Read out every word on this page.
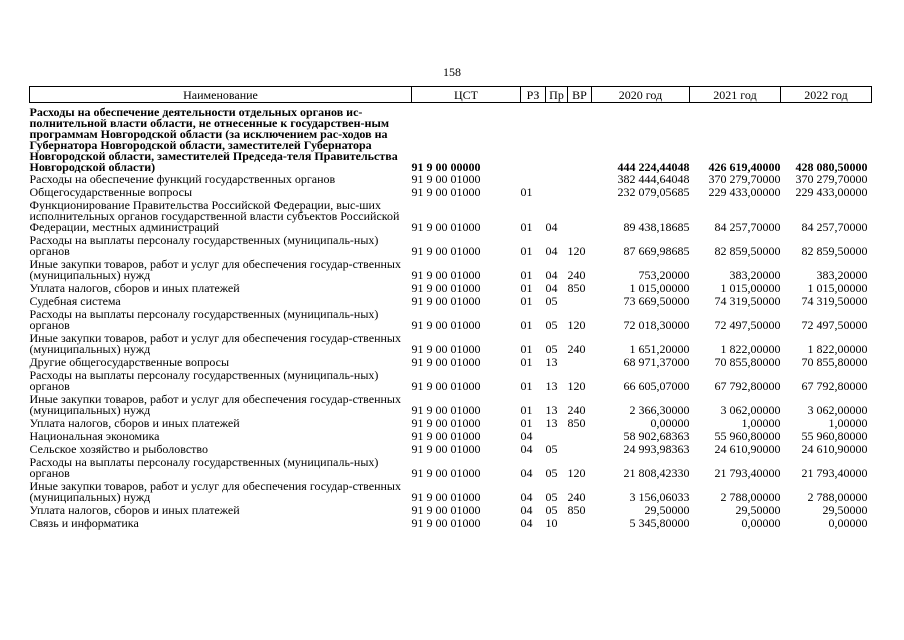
158
Наименование	ЦСТ	РЗ	Пр	ВР	2020 год	2021 год	2022 год
Расходы на обеспечение деятельности отдельных органов ис-полнительной власти области, не отнесенные к государствен-ным программам Новгородской области (за исключением рас-ходов на Губернатора Новгородской области, заместителей Губернатора Новгородской области, заместителей Председа-теля Правительства Новгородской области)	91 9 00 00000				444 224,44048	426 619,40000	428 080,50000
Расходы на обеспечение функций государственных органов	91 9 00 01000				382 444,64048	370 279,70000	370 279,70000
Общегосударственные вопросы	91 9 00 01000	01			232 079,05685	229 433,00000	229 433,00000
Функционирование Правительства Российской Федерации, выс-ших исполнительных органов государственной власти субъектов Российской Федерации, местных администраций	91 9 00 01000	01	04		89 438,18685	84 257,70000	84 257,70000
Расходы на выплаты персоналу государственных (муниципаль-ных) органов	91 9 00 01000	01	04	120	87 669,98685	82 859,50000	82 859,50000
Иные закупки товаров, работ и услуг для обеспечения государ-ственных (муниципальных) нужд	91 9 00 01000	01	04	240	753,20000	383,20000	383,20000
Уплата налогов, сборов и иных платежей	91 9 00 01000	01	04	850	1 015,00000	1 015,00000	1 015,00000
Судебная система	91 9 00 01000	01	05		73 669,50000	74 319,50000	74 319,50000
Расходы на выплаты персоналу государственных (муниципаль-ных) органов	91 9 00 01000	01	05	120	72 018,30000	72 497,50000	72 497,50000
Иные закупки товаров, работ и услуг для обеспечения государ-ственных (муниципальных) нужд	91 9 00 01000	01	05	240	1 651,20000	1 822,00000	1 822,00000
Другие общегосударственные вопросы	91 9 00 01000	01	13		68 971,37000	70 855,80000	70 855,80000
Расходы на выплаты персоналу государственных (муниципаль-ных) органов	91 9 00 01000	01	13	120	66 605,07000	67 792,80000	67 792,80000
Иные закупки товаров, работ и услуг для обеспечения государ-ственных (муниципальных) нужд	91 9 00 01000	01	13	240	2 366,30000	3 062,00000	3 062,00000
Уплата налогов, сборов и иных платежей	91 9 00 01000	01	13	850	0,00000	1,00000	1,00000
Национальная экономика	91 9 00 01000	04			58 902,68363	55 960,80000	55 960,80000
Сельское хозяйство и рыболовство	91 9 00 01000	04	05		24 993,98363	24 610,90000	24 610,90000
Расходы на выплаты персоналу государственных (муниципаль-ных) органов	91 9 00 01000	04	05	120	21 808,42330	21 793,40000	21 793,40000
Иные закупки товаров, работ и услуг для обеспечения государ-ственных (муниципальных) нужд	91 9 00 01000	04	05	240	3 156,06033	2 788,00000	2 788,00000
Уплата налогов, сборов и иных платежей	91 9 00 01000	04	05	850	29,50000	29,50000	29,50000
Связь и информатика	91 9 00 01000	04	10		5 345,80000	0,00000	0,00000
